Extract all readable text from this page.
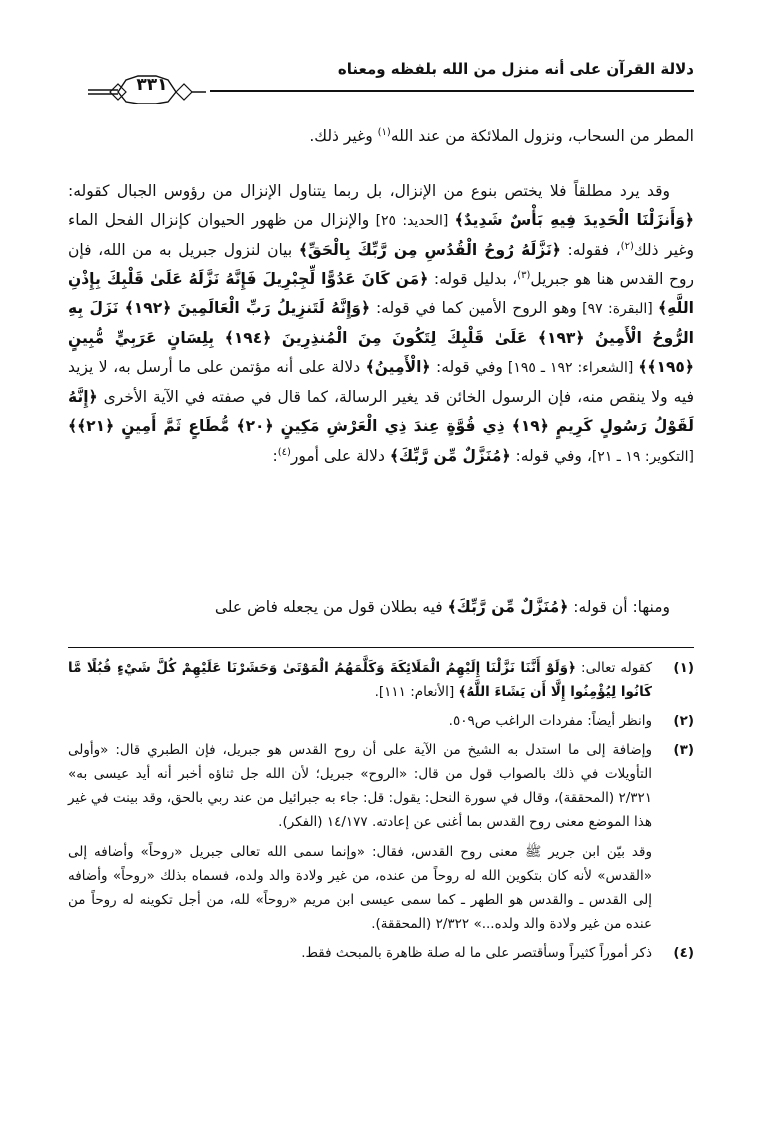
دلالة القرآن على أنه منزل من الله بلفظه ومعناه
٣٣١

المطر من السحاب، ونزول الملائكة من عند الله$^{(١)}$ وغير ذلك.

وقد يرد مطلقاً فلا يختص بنوع من الإنزال، بل ربما يتناول الإنزال من رؤوس الجبال كقوله: ﴿وَأَنزَلْنَا الْحَدِيدَ فِيهِ بَأْسٌ شَدِيدٌ﴾ [الحديد: ٢٥] والإنزال من ظهور الحيوان كإنزال الفحل الماء وغير ذلك$^{(٢)}$، فقوله: ﴿نَزَّلَهُ رُوحُ الْقُدُسِ مِن رَّبِّكَ بِالْحَقِّ﴾ بيان لنزول جبريل به من الله، فإن روح القدس هنا هو جبريل$^{(٣)}$، بدليل قوله: ﴿مَن كَانَ عَدُوًّا لِّجِبْرِيلَ فَإِنَّهُ نَزَّلَهُ عَلَىٰ قَلْبِكَ بِإِذْنِ اللَّهِ﴾ [البقرة: ٩٧] وهو الروح الأمين كما في قوله: ﴿وَإِنَّهُ لَتَنزِيلُ رَبِّ الْعَالَمِينَ ﴿١٩٢﴾ نَزَلَ بِهِ الرُّوحُ الْأَمِينُ ﴿١٩٣﴾ عَلَىٰ قَلْبِكَ لِتَكُونَ مِنَ الْمُنذِرِينَ ﴿١٩٤﴾ بِلِسَانٍ عَرَبِيٍّ مُّبِينٍ ﴿١٩٥﴾﴾ [الشعراء: ١٩٢ ـ ١٩٥] وفي قوله: ﴿الْأَمِينُ﴾ دلالة على أنه مؤتمن على ما أرسل به، لا يزيد فيه ولا ينقص منه، فإن الرسول الخائن قد يغير الرسالة، كما قال في صفته في الآية الأخرى ﴿إِنَّهُ لَقَوْلُ رَسُولٍ كَرِيمٍ ﴿١٩﴾ ذِي قُوَّةٍ عِندَ ذِي الْعَرْشِ مَكِينٍ ﴿٢٠﴾ مُّطَاعٍ ثَمَّ أَمِينٍ ﴿٢١﴾﴾ [التكوير: ١٩ ـ ٢١]، وفي قوله: ﴿مُنَزَّلٌ مِّن رَّبِّكَ﴾ دلالة على أمور$^{(٤)}$:

ومنها: أن قوله: ﴿مُنَزَّلٌ مِّن رَّبِّكَ﴾ فيه بطلان قول من يجعله فاض على

(١)
كقوله تعالى: ﴿وَلَوْ أَنَّنَا نَزَّلْنَا إِلَيْهِمُ الْمَلَائِكَةَ وَكَلَّمَهُمُ الْمَوْتَىٰ وَحَشَرْنَا عَلَيْهِمْ كُلَّ شَيْءٍ قُبُلًا مَّا كَانُوا لِيُؤْمِنُوا إِلَّا أَن يَشَاءَ اللَّهُ﴾ [الأنعام: ١١١].
(٢)
وانظر أيضاً: مفردات الراغب ص٥٠٩.
(٣)

وإضافة إلى ما استدل به الشيخ من الآية على أن روح القدس هو جبريل، فإن الطبري قال: «وأولى التأويلات في ذلك بالصواب قول من قال: «الروح» جبريل؛ لأن الله جل ثناؤه أخبر أنه أيد عيسى به» ٢/٣٢١ (المحققة)، وقال في سورة النحل: يقول: قل: جاء به جبرائيل من عند ربي بالحق، وقد بينت في غير هذا الموضع معنى روح القدس بما أغنى عن إعادته. ١٤/١٧٧ (الفكر).

وقد بيّن ابن جرير ﷺ معنى روح القدس، فقال: «وإنما سمى الله تعالى جبريل «روحاً» وأضافه إلى «القدس» لأنه كان بتكوين الله له روحاً من عنده، من غير ولادة والد ولده، فسماه بذلك «روحاً» وأضافه إلى القدس ـ والقدس هو الطهر ـ كما سمى عيسى ابن مريم «روحاً» لله، من أجل تكوينه له روحاً من عنده من غير ولادة والد ولده...» ٢/٣٢٢ (المحققة).

(٤)
ذكر أموراً كثيراً وسأقتصر على ما له صلة ظاهرة بالمبحث فقط.
